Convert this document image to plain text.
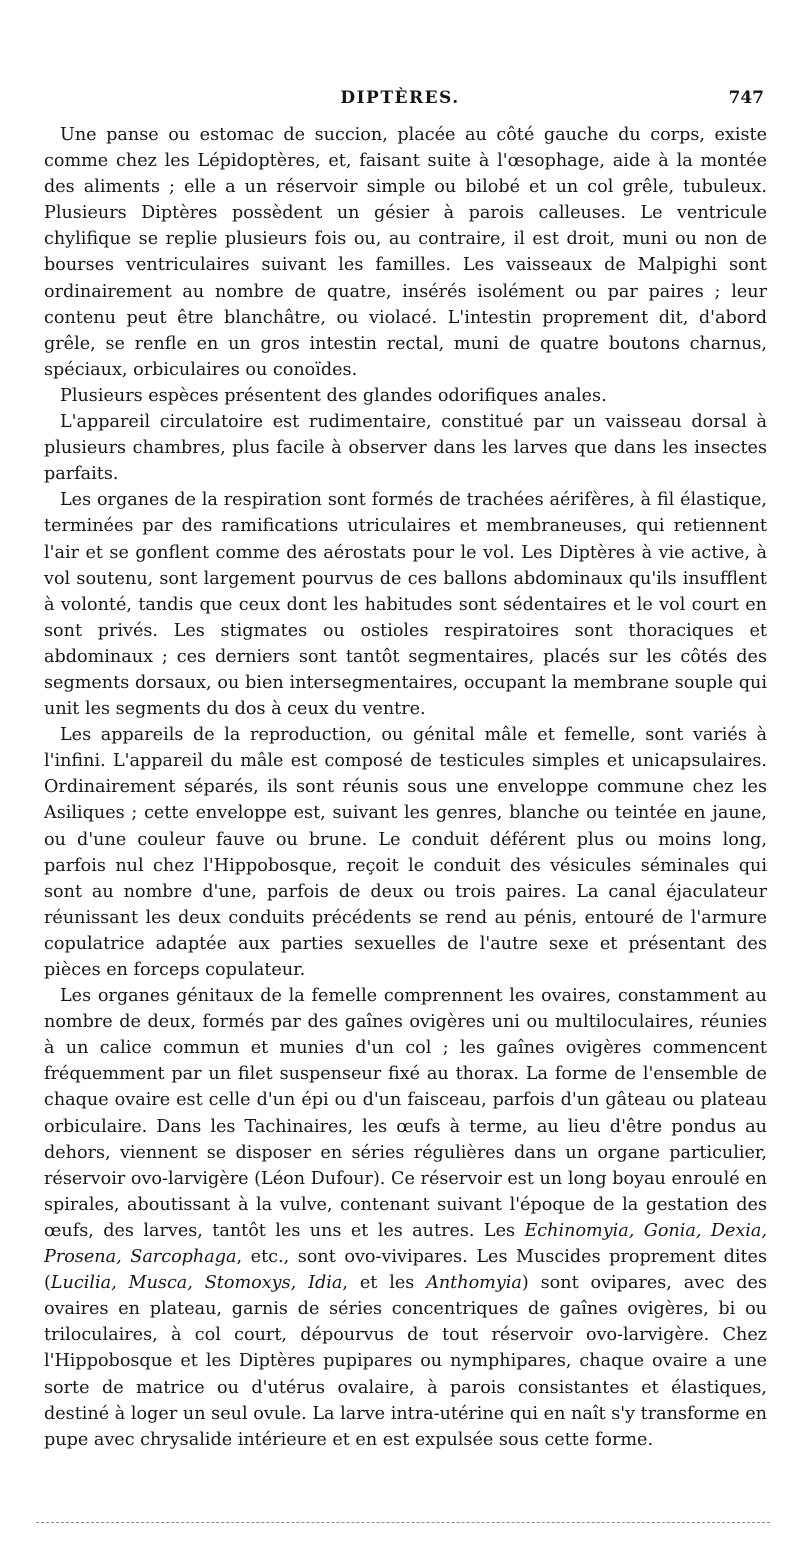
DIPTÈRES.	747

Une panse ou estomac de succion, placée au côté gauche du corps, existe comme chez les Lépidoptères, et, faisant suite à l'œsophage, aide à la montée des aliments ; elle a un réservoir simple ou bilobé et un col grêle, tubuleux. Plusieurs Diptères possèdent un gésier à parois calleuses. Le ventricule chylifique se replie plusieurs fois ou, au contraire, il est droit, muni ou non de bourses ventriculaires suivant les familles. Les vaisseaux de Malpighi sont ordinairement au nombre de quatre, insérés isolément ou par paires ; leur contenu peut être blanchâtre, ou violacé. L'intestin proprement dit, d'abord grêle, se renfle en un gros intestin rectal, muni de quatre boutons charnus, spéciaux, orbiculaires ou conoïdes.

Plusieurs espèces présentent des glandes odorifiques anales.

L'appareil circulatoire est rudimentaire, constitué par un vaisseau dorsal à plusieurs chambres, plus facile à observer dans les larves que dans les insectes parfaits.

Les organes de la respiration sont formés de trachées aérifères, à fil élastique, terminées par des ramifications utriculaires et membraneuses, qui retiennent l'air et se gonflent comme des aérostats pour le vol. Les Diptères à vie active, à vol soutenu, sont largement pourvus de ces ballons abdominaux qu'ils insufflent à volonté, tandis que ceux dont les habitudes sont sédentaires et le vol court en sont privés. Les stigmates ou ostioles respiratoires sont thoraciques et abdominaux ; ces derniers sont tantôt segmentaires, placés sur les côtés des segments dorsaux, ou bien intersegmentaires, occupant la membrane souple qui unit les segments du dos à ceux du ventre.

Les appareils de la reproduction, ou génital mâle et femelle, sont variés à l'infini. L'appareil du mâle est composé de testicules simples et unicapsulaires. Ordinairement séparés, ils sont réunis sous une enveloppe commune chez les Asiliques ; cette enveloppe est, suivant les genres, blanche ou teintée en jaune, ou d'une couleur fauve ou brune. Le conduit déférent plus ou moins long, parfois nul chez l'Hippobosque, reçoit le conduit des vésicules séminales qui sont au nombre d'une, parfois de deux ou trois paires. La canal éjaculateur réunissant les deux conduits précédents se rend au pénis, entouré de l'armure copulatrice adaptée aux parties sexuelles de l'autre sexe et présentant des pièces en forceps copulateur.

Les organes génitaux de la femelle comprennent les ovaires, constamment au nombre de deux, formés par des gaînes ovigères uni ou multiloculaires, réunies à un calice commun et munies d'un col ; les gaînes ovigères commencent fréquemment par un filet suspenseur fixé au thorax. La forme de l'ensemble de chaque ovaire est celle d'un épi ou d'un faisceau, parfois d'un gâteau ou plateau orbiculaire. Dans les Tachinaires, les œufs à terme, au lieu d'être pondus au dehors, viennent se disposer en séries régulières dans un organe particulier, réservoir ovo-larvigère (Léon Dufour). Ce réservoir est un long boyau enroulé en spirales, aboutissant à la vulve, contenant suivant l'époque de la gestation des œufs, des larves, tantôt les uns et les autres. Les Echinomyia, Gonia, Dexia, Prosena, Sarcophaga, etc., sont ovo-vivipares. Les Muscides proprement dites (Lucilia, Musca, Stomoxys, Idia, et les Anthomyia) sont ovipares, avec des ovaires en plateau, garnis de séries concentriques de gaînes ovigères, bi ou triloculaires, à col court, dépourvus de tout réservoir ovo-larvigère. Chez l'Hippobosque et les Diptères pupipares ou nymphipares, chaque ovaire a une sorte de matrice ou d'utérus ovalaire, à parois consistantes et élastiques, destiné à loger un seul ovule. La larve intra-utérine qui en naît s'y transforme en pupe avec chrysalide intérieure et en est expulsée sous cette forme.
